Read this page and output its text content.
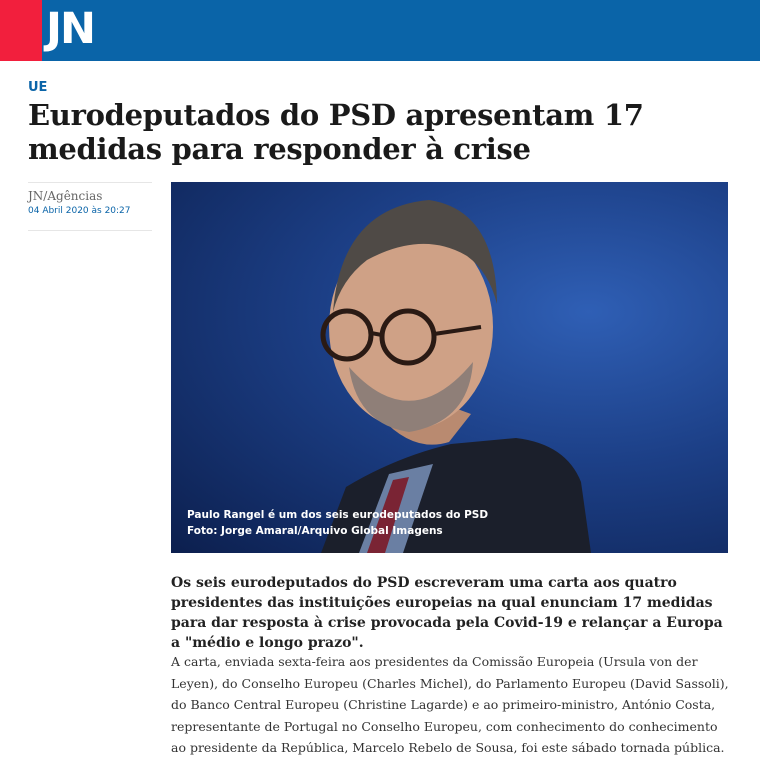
JN
UE
Eurodeputados do PSD apresentam 17 medidas para responder à crise
JN/Agências
04 Abril 2020 às 20:27
Paulo Rangel é um dos seis eurodeputados do PSD
Foto: Jorge Amaral/Arquivo Global Imagens

Os seis eurodeputados do PSD escreveram uma carta aos quatro presidentes das instituições europeias na qual enunciam 17 medidas para dar resposta à crise provocada pela Covid-19 e relançar a Europa a "médio e longo prazo".

A carta, enviada sexta-feira aos presidentes da Comissão Europeia (Ursula von der Leyen), do Conselho Europeu (Charles Michel), do Parlamento Europeu (David Sassoli), do Banco Central Europeu (Christine Lagarde) e ao primeiro-ministro, António Costa, representante de Portugal no Conselho Europeu, com conhecimento do conhecimento ao presidente da República, Marcelo Rebelo de Sousa, foi este sábado tornada pública.
